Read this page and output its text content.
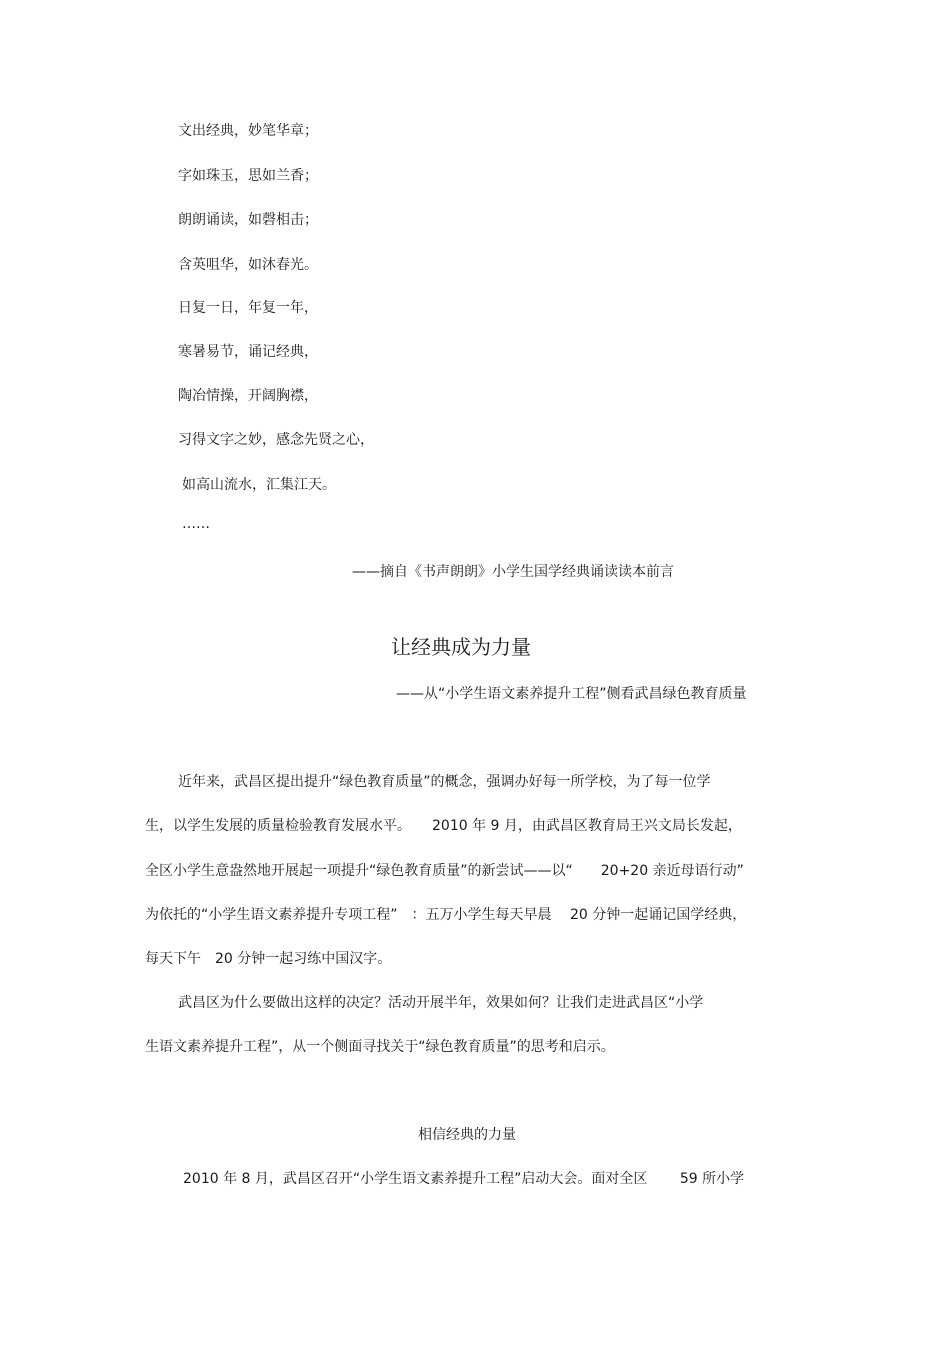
文出经典，妙笔华章；
字如珠玉，思如兰香；
朗朗诵读，如磬相击；
含英咀华，如沐春光。
日复一日，年复一年，
寒暑易节，诵记经典，
陶冶情操，开阔胸襟，
习得文字之妙，感念先贤之心，
如高山流水，汇集江天。
……
——摘自《书声朗朗》小学生国学经典诵读读本前言
让经典成为力量
——从“小学生语文素养提升工程”侧看武昌绿色教育质量
近年来，武昌区提出提升“绿色教育质量”的概念，强调办好每一所学校，为了每一位学
生，以学生发展的质量检验教育发展水平。　　2010 年 9 月，由武昌区教育局王兴文局长发起，
全区小学生意盎然地开展起一项提升“绿色教育质量”的新尝试——以“　　20+20 亲近母语行动”
为依托的“小学生语文素养提升专项工程”　：五万小学生每天早晨　 20 分钟一起诵记国学经典，
每天下午　20 分钟一起习练中国汉字。
武昌区为什么要做出这样的决定？活动开展半年，效果如何？让我们走进武昌区“小学
生语文素养提升工程”，从一个侧面寻找关于“绿色教育质量”的思考和启示。
相信经典的力量
2010 年 8 月，武昌区召开“小学生语文素养提升工程”启动大会。面对全区　　 59 所小学
